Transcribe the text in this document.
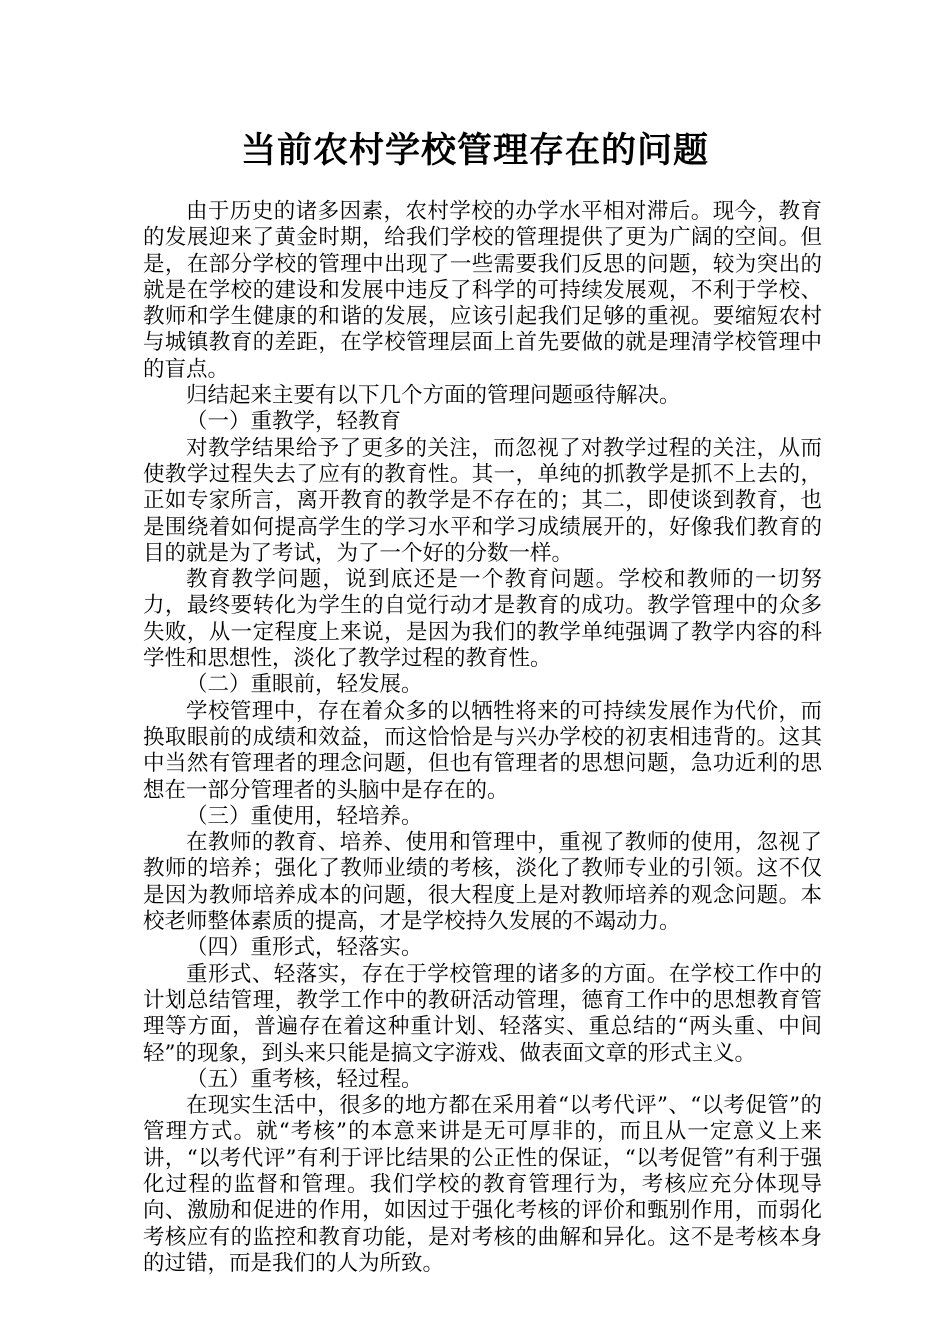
当前农村学校管理存在的问题

由于历史的诸多因素，农村学校的办学水平相对滞后。现今，教育的发展迎来了黄金时期，给我们学校的管理提供了更为广阔的空间。但是，在部分学校的管理中出现了一些需要我们反思的问题，较为突出的就是在学校的建设和发展中违反了科学的可持续发展观，不利于学校、教师和学生健康的和谐的发展，应该引起我们足够的重视。要缩短农村与城镇教育的差距，在学校管理层面上首先要做的就是理清学校管理中的盲点。

归结起来主要有以下几个方面的管理问题亟待解决。

（一）重教学，轻教育

对教学结果给予了更多的关注，而忽视了对教学过程的关注，从而使教学过程失去了应有的教育性。其一，单纯的抓教学是抓不上去的，正如专家所言，离开教育的教学是不存在的；其二，即使谈到教育，也是围绕着如何提高学生的学习水平和学习成绩展开的，好像我们教育的目的就是为了考试，为了一个好的分数一样。

教育教学问题，说到底还是一个教育问题。学校和教师的一切努力，最终要转化为学生的自觉行动才是教育的成功。教学管理中的众多失败，从一定程度上来说，是因为我们的教学单纯强调了教学内容的科学性和思想性，淡化了教学过程的教育性。

（二）重眼前，轻发展。

学校管理中，存在着众多的以牺牲将来的可持续发展作为代价，而换取眼前的成绩和效益，而这恰恰是与兴办学校的初衷相违背的。这其中当然有管理者的理念问题，但也有管理者的思想问题，急功近利的思想在一部分管理者的头脑中是存在的。

（三）重使用，轻培养。

在教师的教育、培养、使用和管理中，重视了教师的使用，忽视了教师的培养；强化了教师业绩的考核，淡化了教师专业的引领。这不仅是因为教师培养成本的问题，很大程度上是对教师培养的观念问题。本校老师整体素质的提高，才是学校持久发展的不竭动力。

（四）重形式，轻落实。

重形式、轻落实，存在于学校管理的诸多的方面。在学校工作中的计划总结管理，教学工作中的教研活动管理，德育工作中的思想教育管理等方面，普遍存在着这种重计划、轻落实、重总结的“两头重、中间轻”的现象，到头来只能是搞文字游戏、做表面文章的形式主义。

（五）重考核，轻过程。

在现实生活中，很多的地方都在采用着“以考代评”、“以考促管”的管理方式。就“考核”的本意来讲是无可厚非的，而且从一定意义上来讲，“以考代评”有利于评比结果的公正性的保证，“以考促管”有利于强化过程的监督和管理。我们学校的教育管理行为，考核应充分体现导向、激励和促进的作用，如因过于强化考核的评价和甄别作用，而弱化考核应有的监控和教育功能，是对考核的曲解和异化。这不是考核本身的过错，而是我们的人为所致。
